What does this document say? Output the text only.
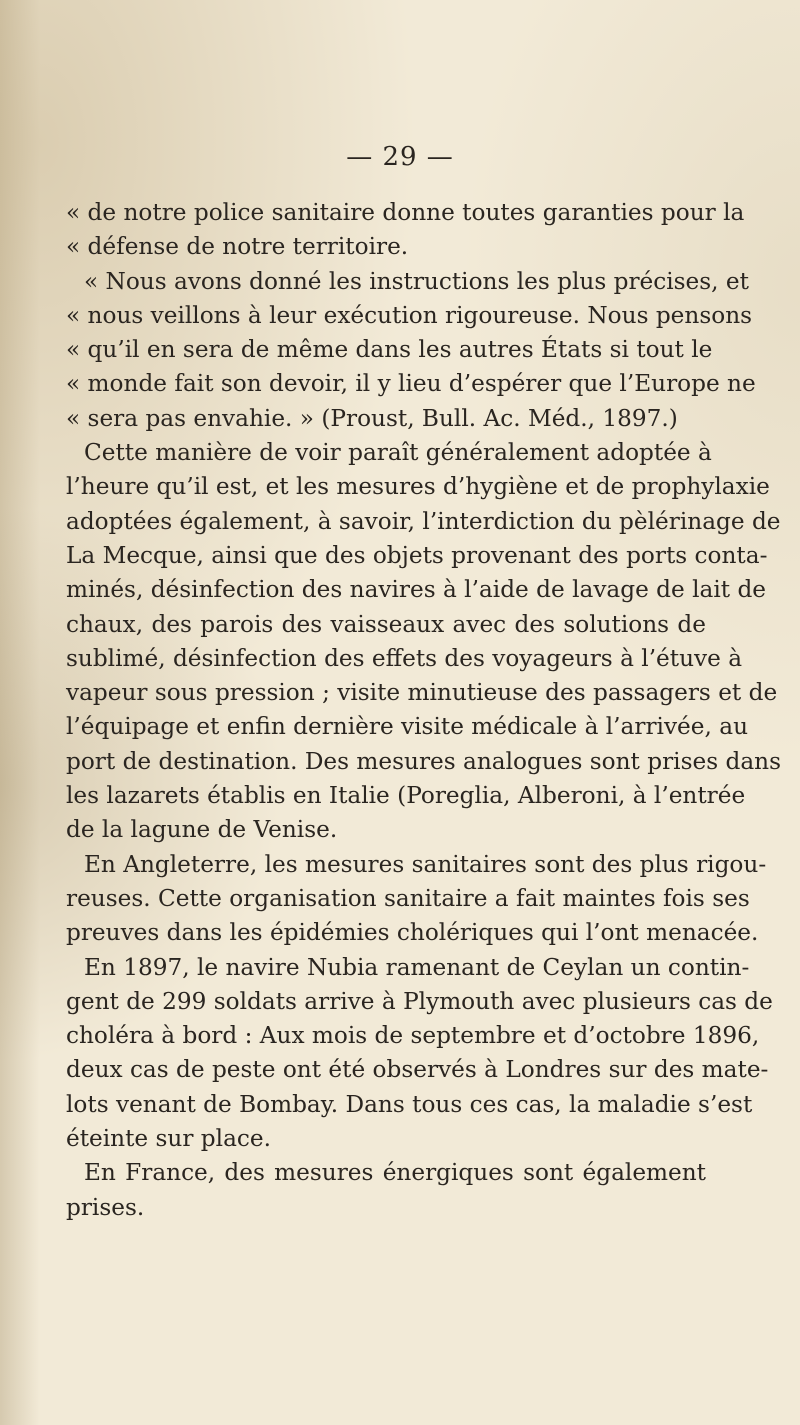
— 29 —
« de notre police sanitaire donne toutes garanties pour la
« défense de notre territoire.
« Nous avons donné les instructions les plus précises, et
« nous veillons à leur exécution rigoureuse. Nous pensons
« qu’il en sera de même dans les autres États si tout le
« monde fait son devoir, il y lieu d’espérer que l’Europe ne
« sera pas envahie. » (Proust, Bull. Ac. Méd., 1897.)
Cette manière de voir paraît généralement adoptée à
l’heure qu’il est, et les mesures d’hygiène et de prophylaxie
adoptées également, à savoir, l’interdiction du pèlérinage de
La Mecque, ainsi que des objets provenant des ports conta-
minés, désinfection des navires à l’aide de lavage de lait de
chaux, des parois des vaisseaux avec des solutions de
sublimé, désinfection des effets des voyageurs à l’étuve à
vapeur sous pression ; visite minutieuse des passagers et de
l’équipage et enfin dernière visite médicale à l’arrivée, au
port de destination. Des mesures analogues sont prises dans
les lazarets établis en Italie (Poreglia, Alberoni, à l’entrée
de la lagune de Venise.
En Angleterre, les mesures sanitaires sont des plus rigou-
reuses. Cette organisation sanitaire a fait maintes fois ses
preuves dans les épidémies cholériques qui l’ont menacée.
En 1897, le navire Nubia ramenant de Ceylan un contin-
gent de 299 soldats arrive à Plymouth avec plusieurs cas de
choléra à bord : Aux mois de septembre et d’octobre 1896,
deux cas de peste ont été observés à Londres sur des mate-
lots venant de Bombay. Dans tous ces cas, la maladie s’est
éteinte sur place.
En France, des mesures énergiques sont également
prises.
